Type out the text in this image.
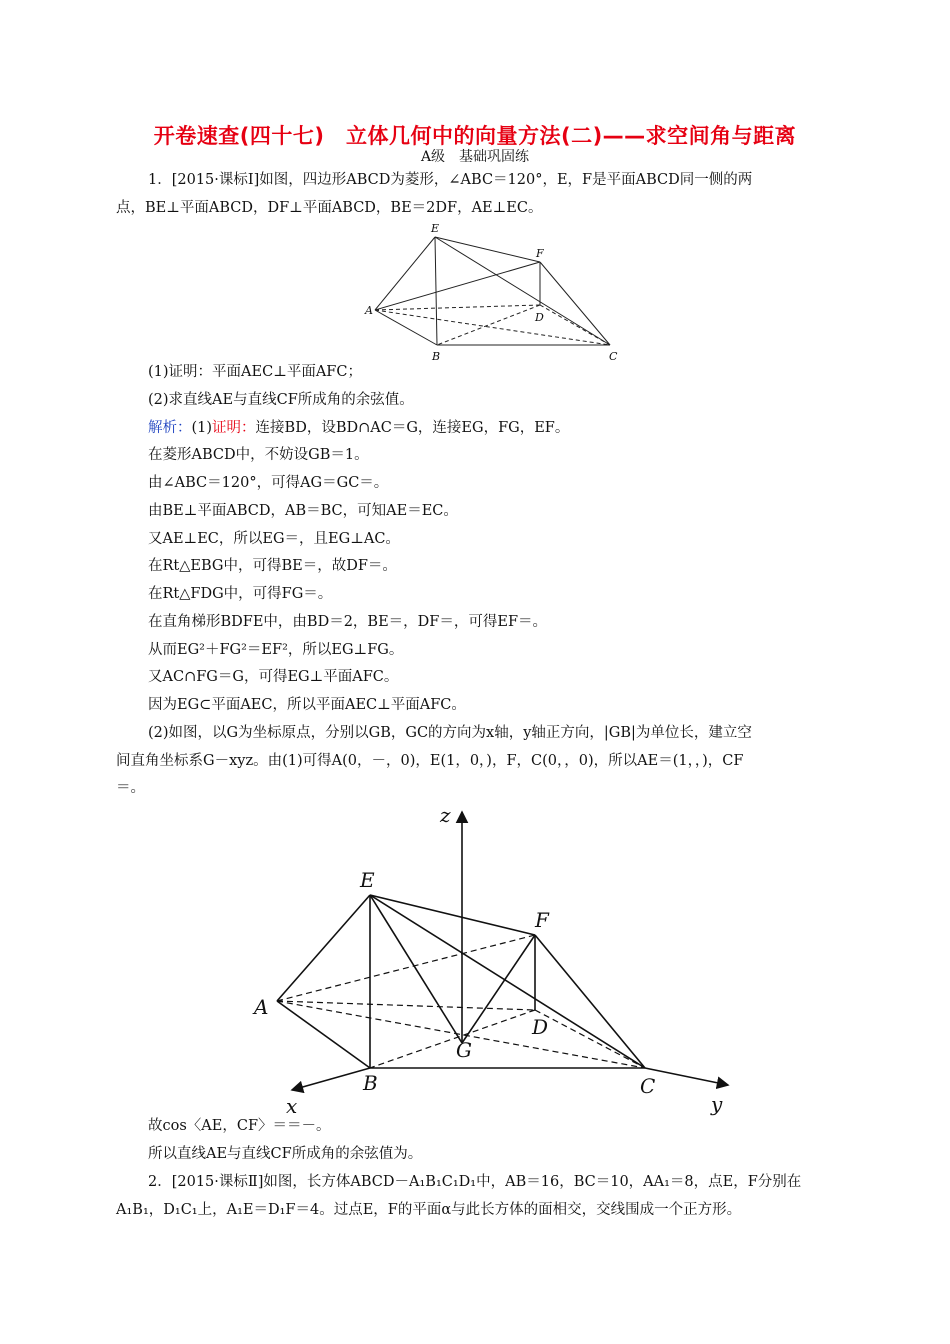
开卷速查(四十七)　立体几何中的向量方法(二)——求空间角与距离
A级　基础巩固练
1．[2015·课标Ⅰ]如图，四边形ABCD为菱形，∠ABC＝120°，E，F是平面ABCD同一侧的两
点，BE⊥平面ABCD，DF⊥平面ABCD，BE＝2DF，AE⊥EC。
E
F
A
D
B	C
(1)证明：平面AEC⊥平面AFC；
(2)求直线AE与直线CF所成角的余弦值。
解析：(1)证明：连接BD，设BD∩AC＝G，连接EG，FG，EF。
在菱形ABCD中，不妨设GB＝1。
由∠ABC＝120°，可得AG＝GC＝。
由BE⊥平面ABCD，AB＝BC，可知AE＝EC。
又AE⊥EC，所以EG＝，且EG⊥AC。
在Rt△EBG中，可得BE＝，故DF＝。
在Rt△FDG中，可得FG＝。
在直角梯形BDFE中，由BD＝2，BE＝，DF＝，可得EF＝。
从而EG²＋FG²＝EF²，所以EG⊥FG。
又AC∩FG＝G，可得EG⊥平面AFC。
因为EG⊂平面AEC，所以平面AEC⊥平面AFC。
(2)如图，以G为坐标原点，分别以GB，GC的方向为x轴，y轴正方向，|GB|为单位长，建立空
间直角坐标系G－xyz。由(1)可得A(0，－，0)，E(1，0，)，F，C(0，，0)，所以AE＝(1，，)，CF
＝。
z
E
F
A
D
G
B	C
x	y
故cos〈AE，CF〉＝＝－。
所以直线AE与直线CF所成角的余弦值为。
2．[2015·课标Ⅱ]如图，长方体ABCD－A₁B₁C₁D₁中，AB＝16，BC＝10，AA₁＝8，点E，F分别在
A₁B₁，D₁C₁上，A₁E＝D₁F＝4。过点E，F的平面α与此长方体的面相交，交线围成一个正方形。
